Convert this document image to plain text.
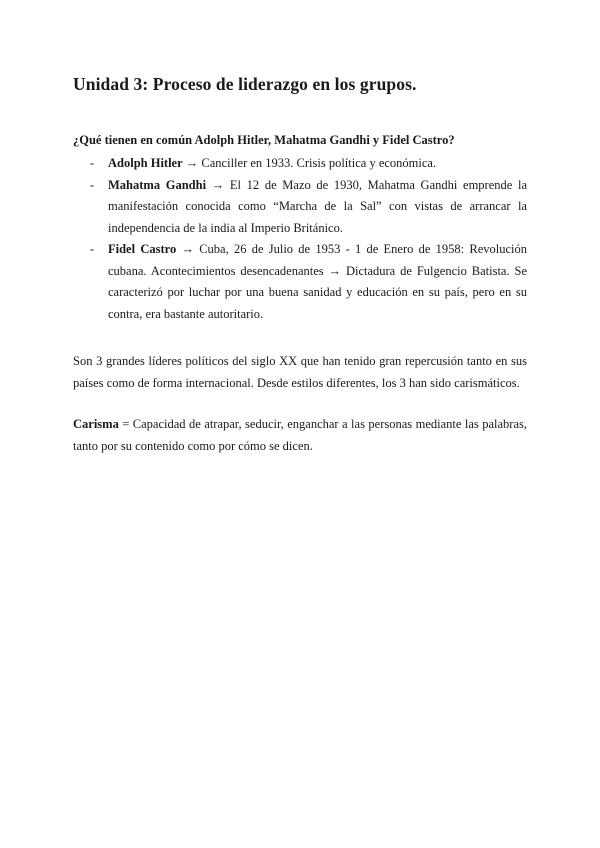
Unidad 3: Proceso de liderazgo en los grupos.
¿Qué tienen en común Adolph Hitler, Mahatma Gandhi y Fidel Castro?
- Adolph Hitler → Canciller en 1933. Crisis política y económica.
- Mahatma Gandhi → El 12 de Mazo de 1930, Mahatma Gandhi emprende la manifestación conocida como “Marcha de la Sal” con vistas de arrancar la independencia de la india al Imperio Británico.
- Fidel Castro → Cuba, 26 de Julio de 1953 - 1 de Enero de 1958: Revolución cubana. Acontecimientos desencadenantes → Dictadura de Fulgencio Batista. Se caracterizó por luchar por una buena sanidad y educación en su país, pero en su contra, era bastante autoritario.

Son 3 grandes líderes políticos del siglo XX que han tenido gran repercusión tanto en sus países como de forma internacional. Desde estilos diferentes, los 3 han sido carismáticos.

Carisma = Capacidad de atrapar, seducir, enganchar a las personas mediante las palabras, tanto por su contenido como por cómo se dicen.
